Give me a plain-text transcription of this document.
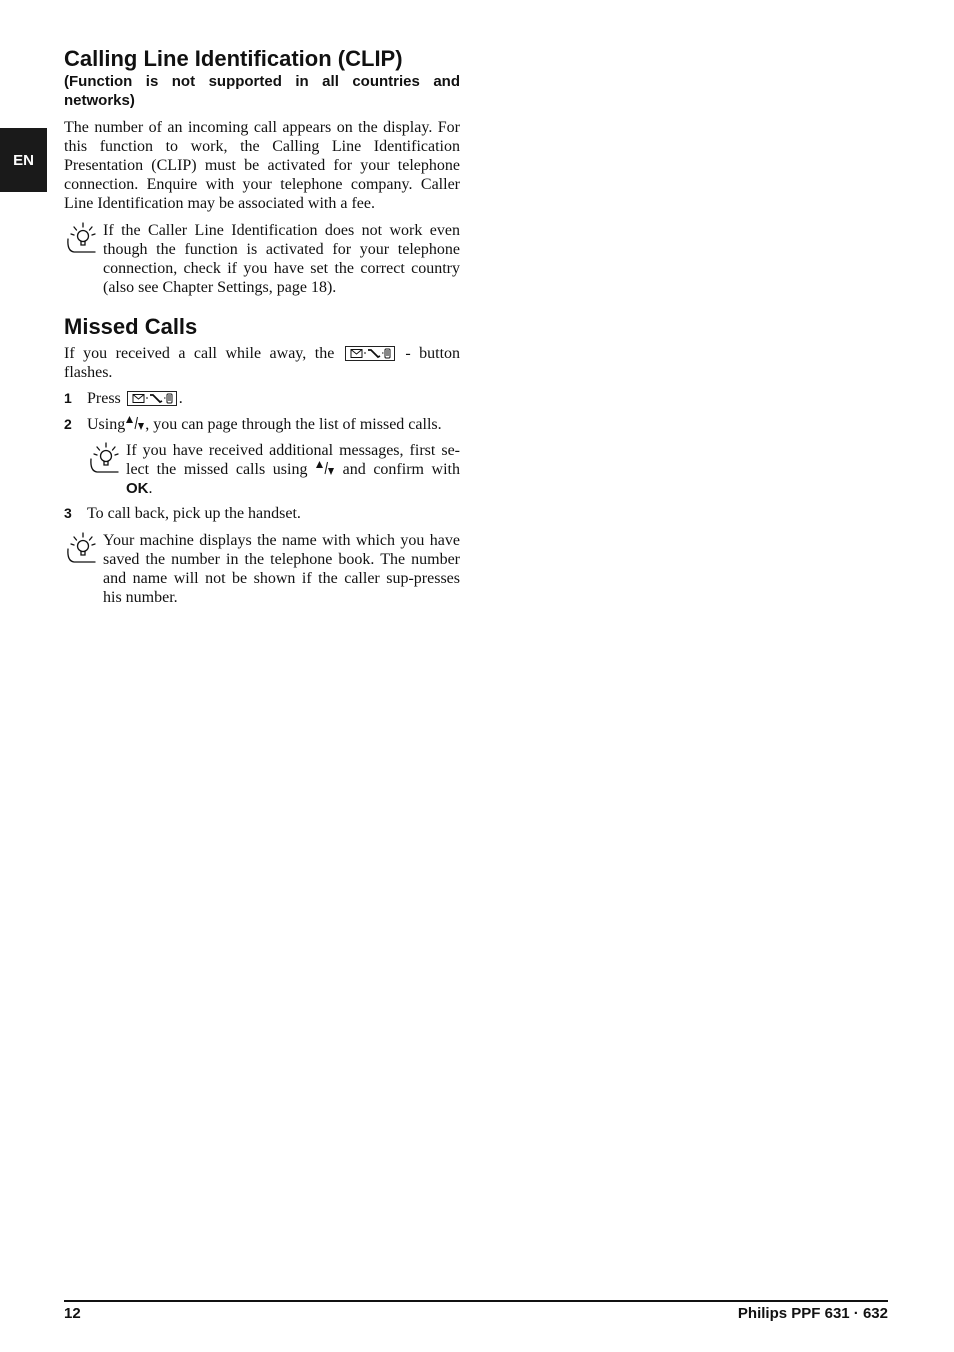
EN
Calling Line Identification (CLIP)
(Function is not supported in all countries and networks)

The number of an incoming call appears on the display. For this function to work, the Calling Line Identification Presentation (CLIP) must be activated for your telephone connection. Enquire with your telephone company. Caller Line Identification may be associated with a fee.

If the Caller Line Identification does not work even though the function is activated for your telephone connection, check if you have set the correct country (also see Chapter Settings, page 18).
Missed Calls

If you received a call while away, the	- button flashes.

1 Press	.
2 Using , you can page through the list of missed calls.
If you have received additional messages, first se-lect the missed calls using and confirm with OK.
3 To call back, pick up the handset.
Your machine displays the name with which you have saved the number in the telephone book. The number and name will not be shown if the caller sup-presses his number.
12	Philips PPF 631 · 632
